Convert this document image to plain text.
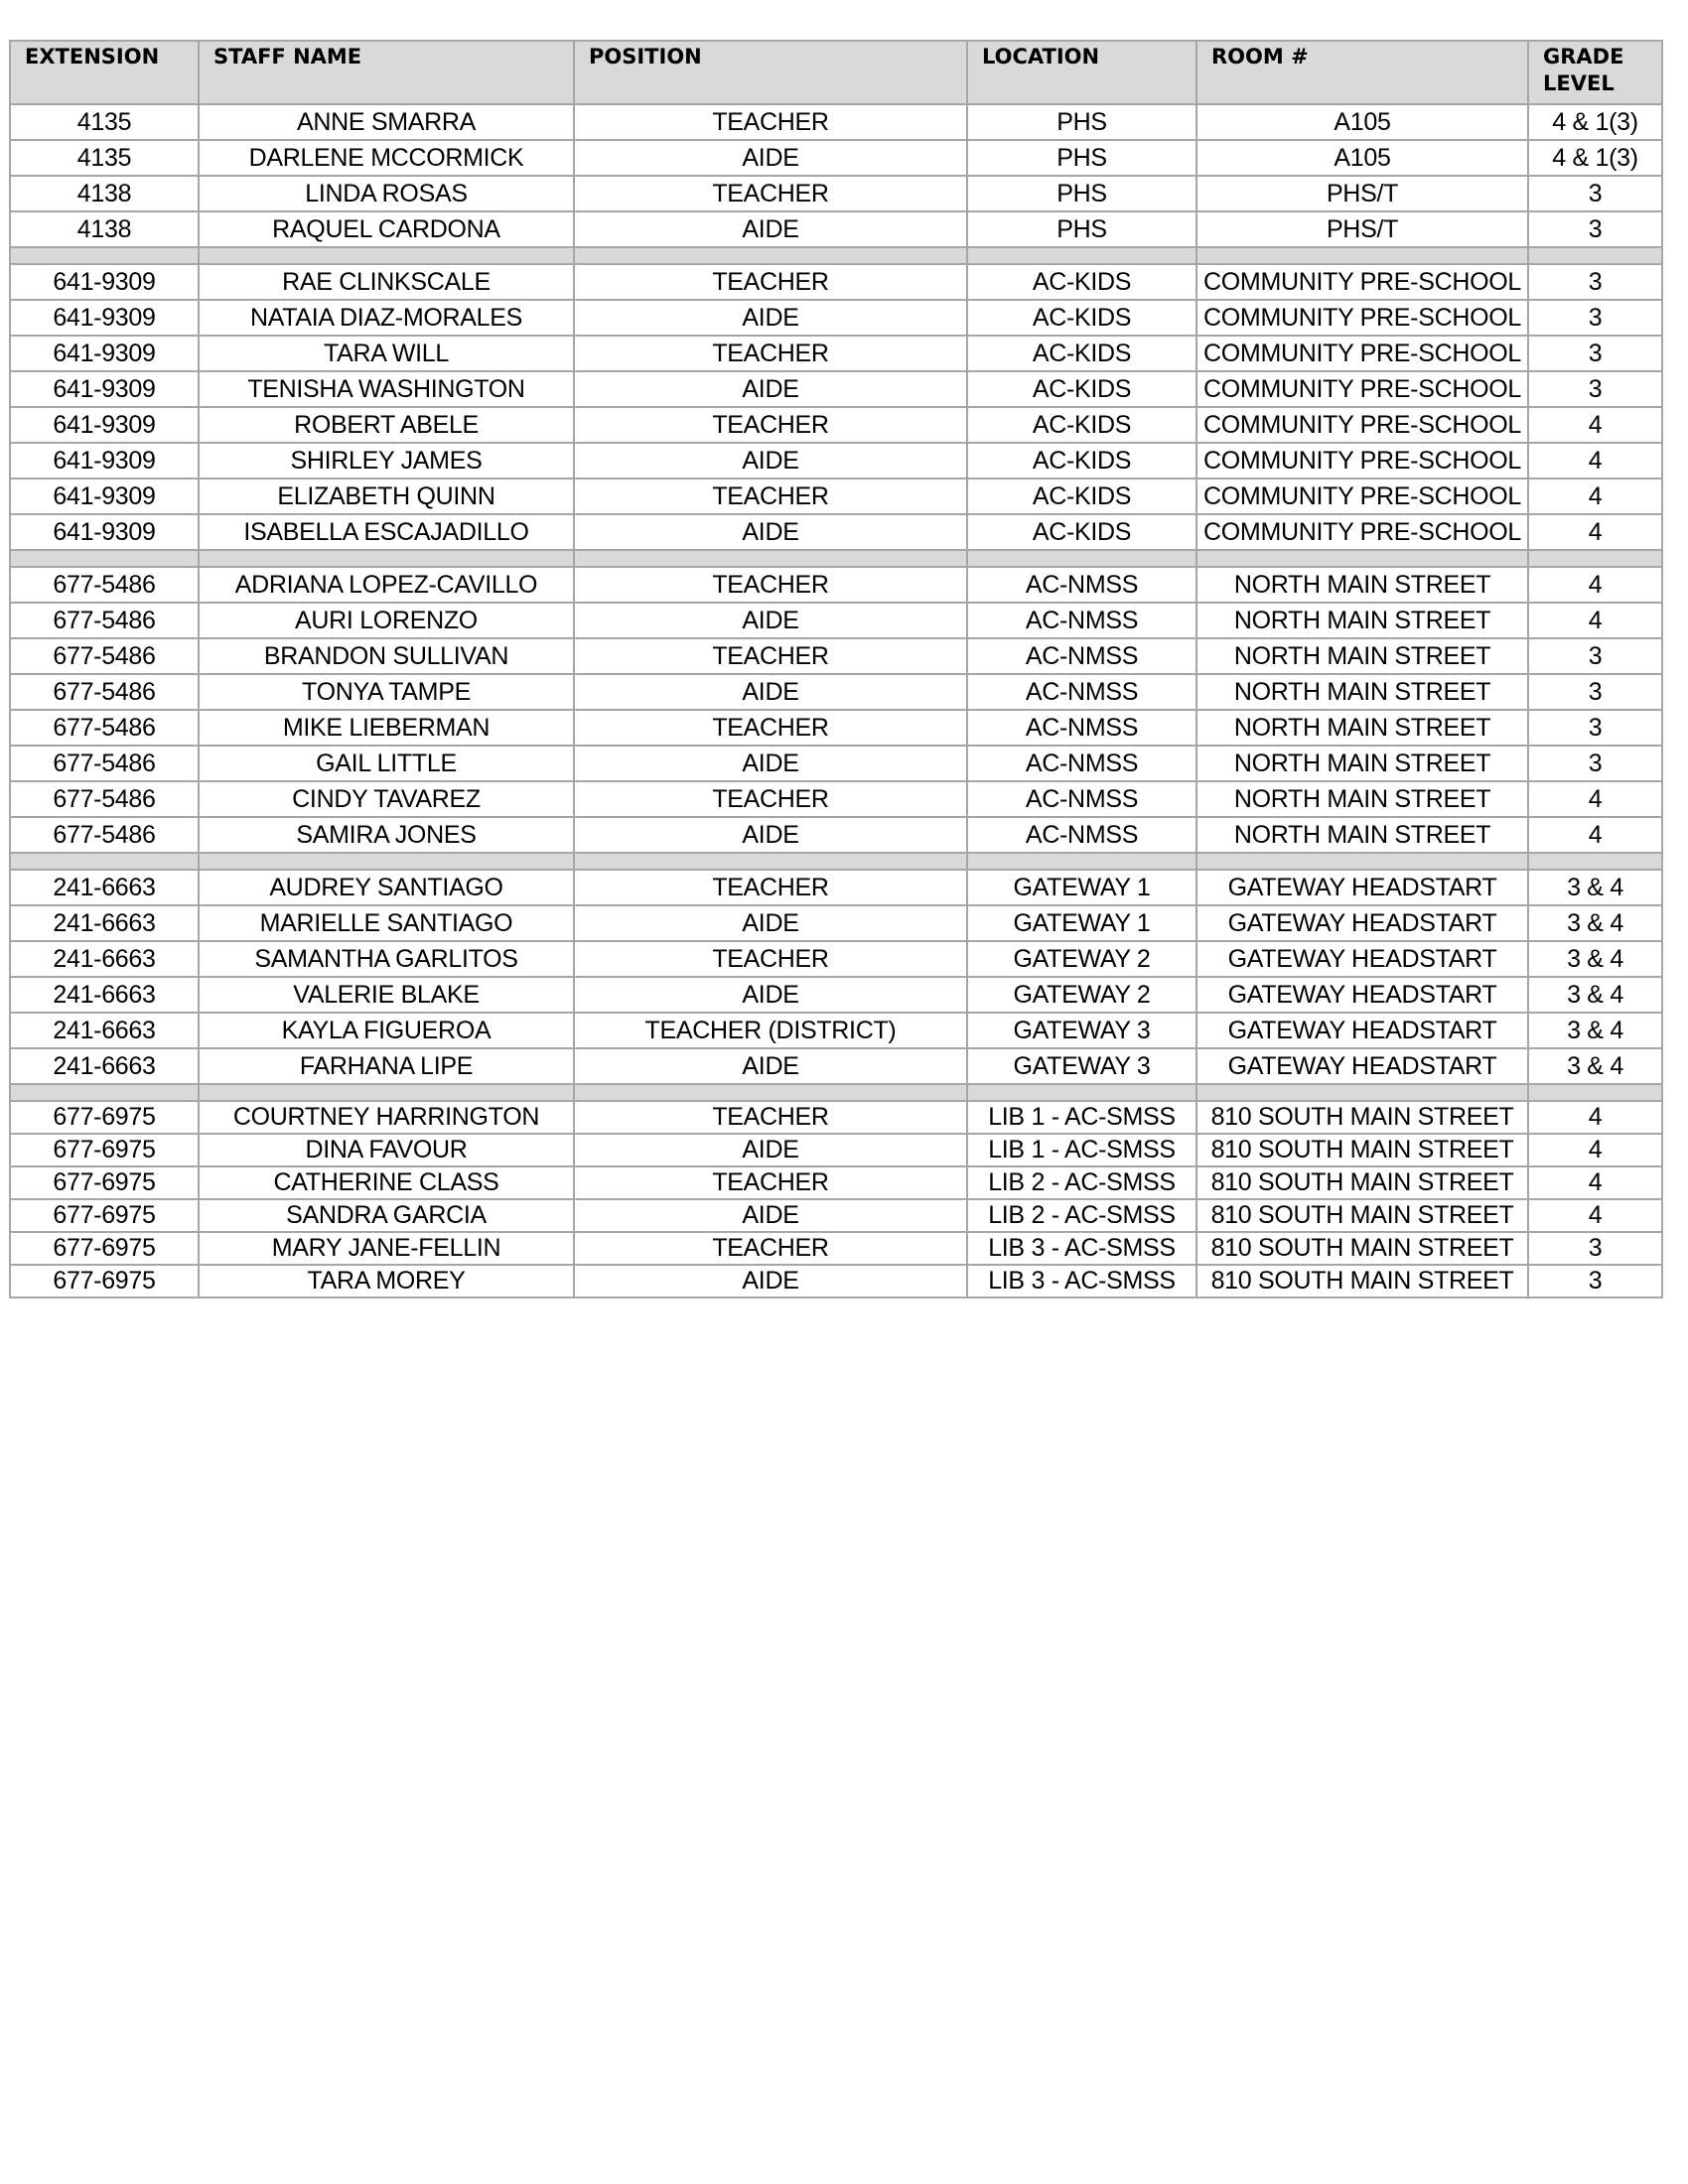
EXTENSION	STAFF NAME	POSITION	LOCATION	ROOM #	GRADE LEVEL
4135	ANNE SMARRA	TEACHER	PHS	A105	4 & 1(3)
4135	DARLENE MCCORMICK	AIDE	PHS	A105	4 & 1(3)
4138	LINDA ROSAS	TEACHER	PHS	PHS/T	3
4138	RAQUEL CARDONA	AIDE	PHS	PHS/T	3

641-9309	RAE CLINKSCALE	TEACHER	AC-KIDS	COMMUNITY PRE-SCHOOL	3
641-9309	NATAIA DIAZ-MORALES	AIDE	AC-KIDS	COMMUNITY PRE-SCHOOL	3
641-9309	TARA WILL	TEACHER	AC-KIDS	COMMUNITY PRE-SCHOOL	3
641-9309	TENISHA WASHINGTON	AIDE	AC-KIDS	COMMUNITY PRE-SCHOOL	3
641-9309	ROBERT ABELE	TEACHER	AC-KIDS	COMMUNITY PRE-SCHOOL	4
641-9309	SHIRLEY JAMES	AIDE	AC-KIDS	COMMUNITY PRE-SCHOOL	4
641-9309	ELIZABETH QUINN	TEACHER	AC-KIDS	COMMUNITY PRE-SCHOOL	4
641-9309	ISABELLA ESCAJADILLO	AIDE	AC-KIDS	COMMUNITY PRE-SCHOOL	4

677-5486	ADRIANA LOPEZ-CAVILLO	TEACHER	AC-NMSS	NORTH MAIN STREET	4
677-5486	AURI LORENZO	AIDE	AC-NMSS	NORTH MAIN STREET	4
677-5486	BRANDON SULLIVAN	TEACHER	AC-NMSS	NORTH MAIN STREET	3
677-5486	TONYA TAMPE	AIDE	AC-NMSS	NORTH MAIN STREET	3
677-5486	MIKE LIEBERMAN	TEACHER	AC-NMSS	NORTH MAIN STREET	3
677-5486	GAIL LITTLE	AIDE	AC-NMSS	NORTH MAIN STREET	3
677-5486	CINDY TAVAREZ	TEACHER	AC-NMSS	NORTH MAIN STREET	4
677-5486	SAMIRA JONES	AIDE	AC-NMSS	NORTH MAIN STREET	4

241-6663	AUDREY SANTIAGO	TEACHER	GATEWAY 1	GATEWAY HEADSTART	3 & 4
241-6663	MARIELLE SANTIAGO	AIDE	GATEWAY 1	GATEWAY HEADSTART	3 & 4
241-6663	SAMANTHA GARLITOS	TEACHER	GATEWAY 2	GATEWAY HEADSTART	3 & 4
241-6663	VALERIE BLAKE	AIDE	GATEWAY 2	GATEWAY HEADSTART	3 & 4
241-6663	KAYLA FIGUEROA	TEACHER (DISTRICT)	GATEWAY 3	GATEWAY HEADSTART	3 & 4
241-6663	FARHANA LIPE	AIDE	GATEWAY 3	GATEWAY HEADSTART	3 & 4

677-6975	COURTNEY HARRINGTON	TEACHER	LIB 1 - AC-SMSS	810 SOUTH MAIN STREET	4
677-6975	DINA FAVOUR	AIDE	LIB 1 - AC-SMSS	810 SOUTH MAIN STREET	4
677-6975	CATHERINE CLASS	TEACHER	LIB 2 - AC-SMSS	810 SOUTH MAIN STREET	4
677-6975	SANDRA GARCIA	AIDE	LIB 2 - AC-SMSS	810 SOUTH MAIN STREET	4
677-6975	MARY JANE-FELLIN	TEACHER	LIB 3 - AC-SMSS	810 SOUTH MAIN STREET	3
677-6975	TARA MOREY	AIDE	LIB 3 - AC-SMSS	810 SOUTH MAIN STREET	3
